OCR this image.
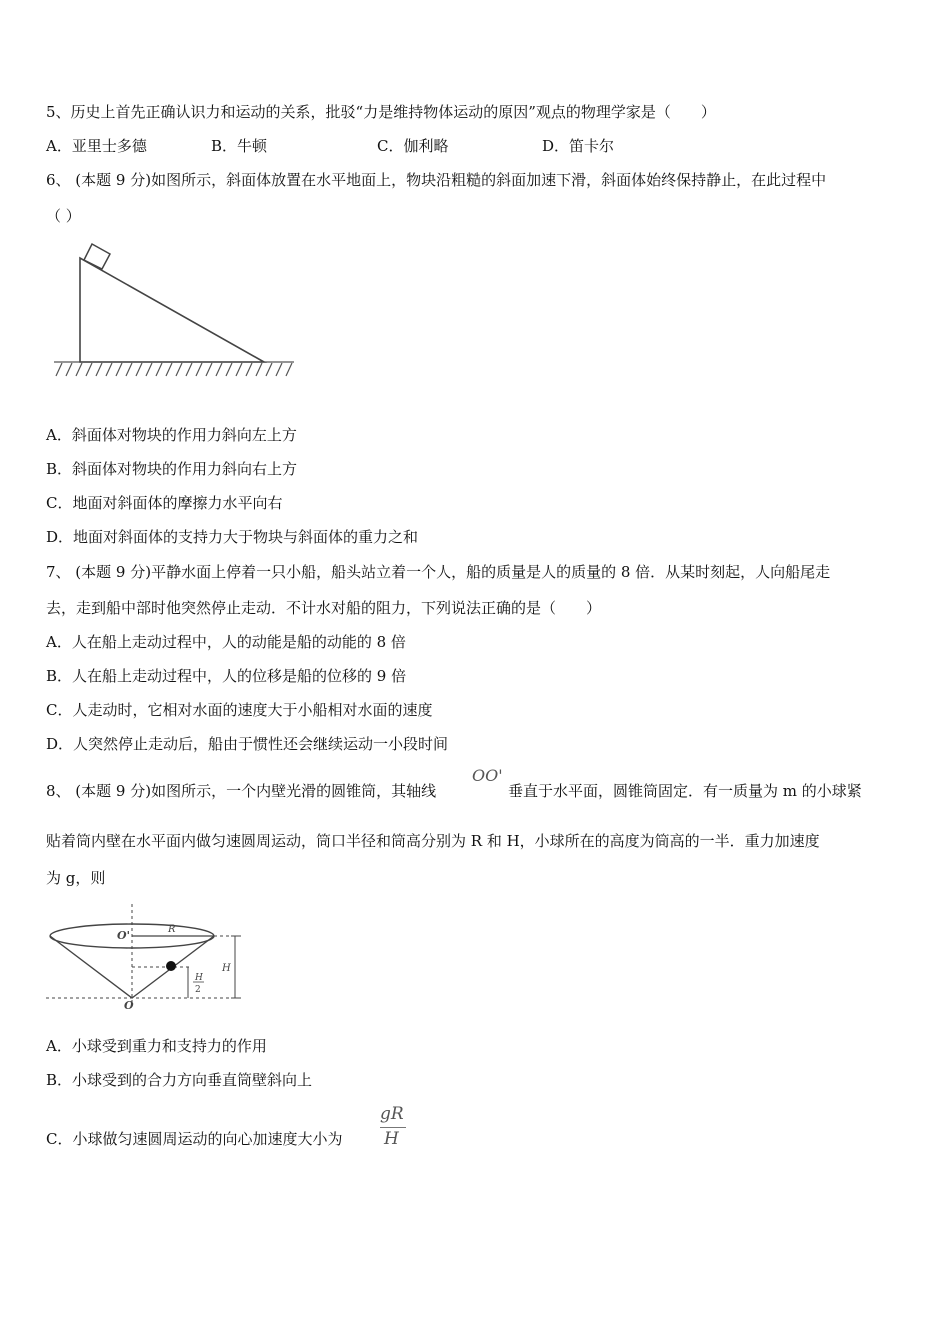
5、历史上首先正确认识力和运动的关系，批驳“力是维持物体运动的原因”观点的物理学家是（　　）
A．亚里士多德	B．牛顿	C．伽利略	D．笛卡尔
6、 (本题 9 分)如图所示，斜面体放置在水平地面上，物块沿粗糙的斜面加速下滑，斜面体始终保持静止，在此过程中
（ ）
A．斜面体对物块的作用力斜向左上方
B．斜面体对物块的作用力斜向右上方
C．地面对斜面体的摩擦力水平向右
D．地面对斜面体的支持力大于物块与斜面体的重力之和
7、 (本题 9 分)平静水面上停着一只小船，船头站立着一个人，船的质量是人的质量的 8 倍．从某时刻起，人向船尾走
去，走到船中部时他突然停止走动．不计水对船的阻力，下列说法正确的是（　　）
A．人在船上走动过程中，人的动能是船的动能的 8 倍
B．人在船上走动过程中，人的位移是船的位移的 9 倍
C．人走动时，它相对水面的速度大于小船相对水面的速度
D．人突然停止走动后，船由于惯性还会继续运动一小段时间
8、 (本题 9 分)如图所示，一个内壁光滑的圆锥筒，其轴线
OO'
垂直于水平面，圆锥筒固定．有一质量为 m 的小球紧
贴着筒内壁在水平面内做匀速圆周运动，筒口半径和筒高分别为 R 和 H，小球所在的高度为筒高的一半．重力加速度
为 g，则
O'	R
H
H
2
O
A．小球受到重力和支持力的作用
B．小球受到的合力方向垂直筒壁斜向上
C．小球做匀速圆周运动的向心加速度大小为
gR
H
